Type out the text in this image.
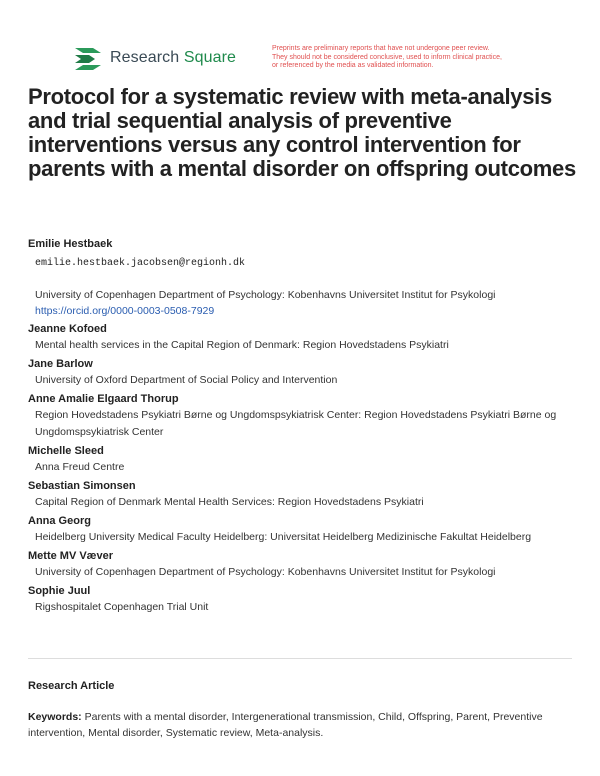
Research Square
Preprints are preliminary reports that have not undergone peer review.
They should not be considered conclusive, used to inform clinical practice,
or referenced by the media as validated information.
Protocol for a systematic review with meta-analysis and trial sequential analysis of preventive interventions versus any control intervention for parents with a mental disorder on offspring outcomes
Emilie Hestbaek
emilie.hestbaek.jacobsen@regionh.dk
University of Copenhagen Department of Psychology: Kobenhavns Universitet Institut for Psykologi
https://orcid.org/0000-0003-0508-7929
Jeanne Kofoed
Mental health services in the Capital Region of Denmark: Region Hovedstadens Psykiatri
Jane Barlow
University of Oxford Department of Social Policy and Intervention
Anne Amalie Elgaard Thorup
Region Hovedstadens Psykiatri Børne og Ungdomspsykiatrisk Center: Region Hovedstadens Psykiatri Børne og Ungdomspsykiatrisk Center
Michelle Sleed
Anna Freud Centre
Sebastian Simonsen
Capital Region of Denmark Mental Health Services: Region Hovedstadens Psykiatri
Anna Georg
Heidelberg University Medical Faculty Heidelberg: Universitat Heidelberg Medizinische Fakultat Heidelberg
Mette MV Væver
University of Copenhagen Department of Psychology: Kobenhavns Universitet Institut for Psykologi
Sophie Juul
Rigshospitalet Copenhagen Trial Unit
Research Article
Keywords: Parents with a mental disorder, Intergenerational transmission, Child, Offspring, Parent, Preventive intervention, Mental disorder, Systematic review, Meta-analysis.
